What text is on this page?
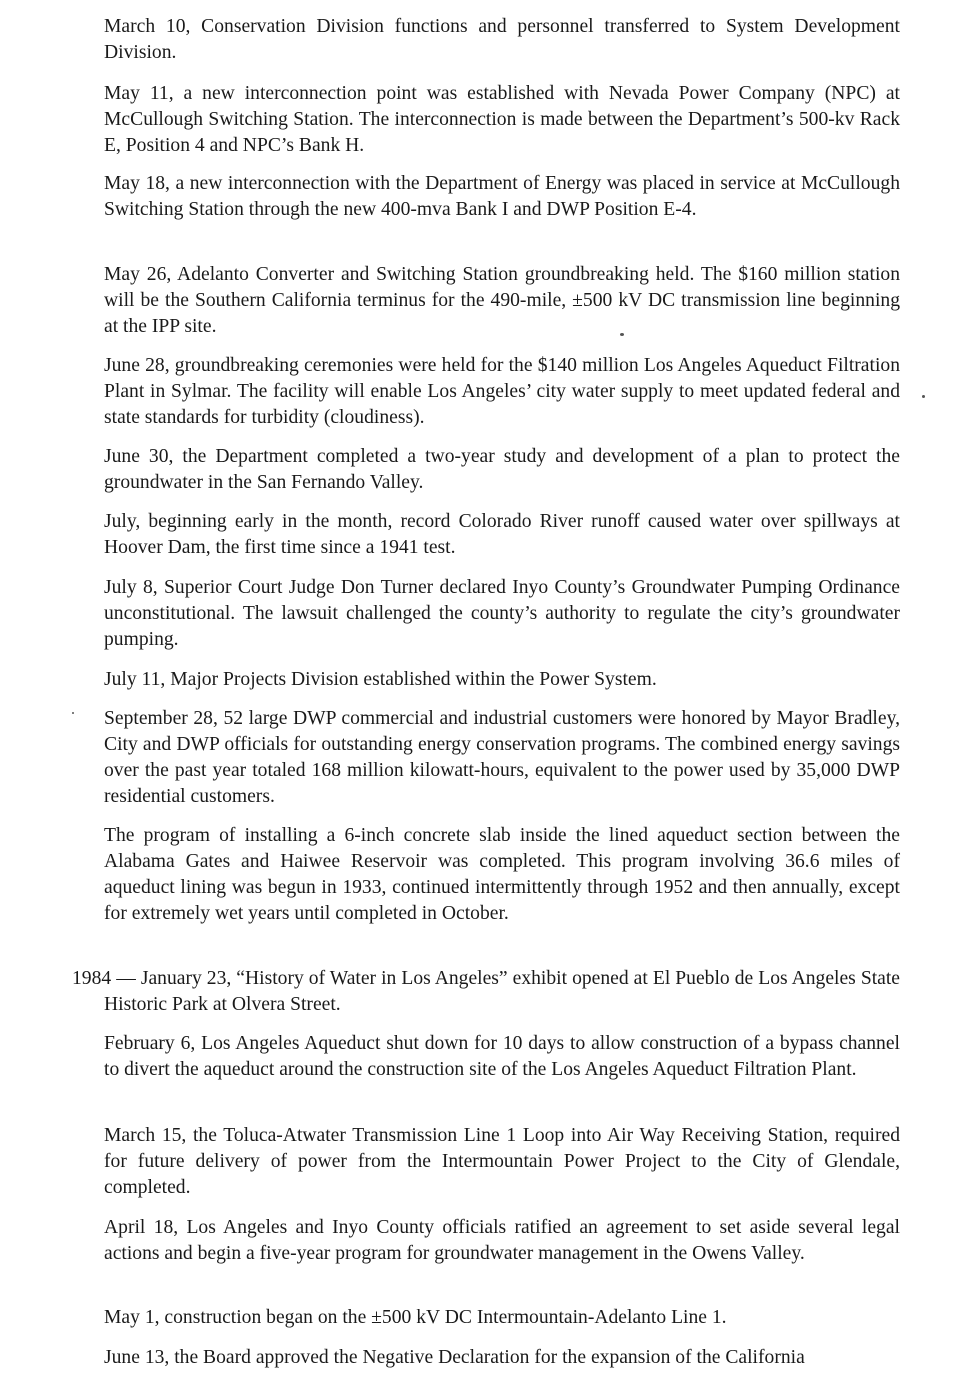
March 10, Conservation Division functions and personnel transferred to System Development Division.

May 11, a new interconnection point was established with Nevada Power Company (NPC) at McCullough Switching Station. The interconnection is made between the Department’s 500-kv Rack E, Position 4 and NPC’s Bank H.

May 18, a new interconnection with the Department of Energy was placed in service at McCullough Switching Station through the new 400-mva Bank I and DWP Position E-4.

May 26, Adelanto Converter and Switching Station groundbreaking held. The $160 million station will be the Southern California terminus for the 490-mile, ±500 kV DC transmission line beginning at the IPP site.

June 28, groundbreaking ceremonies were held for the $140 million Los Angeles Aqueduct Filtration Plant in Sylmar. The facility will enable Los Angeles’ city water supply to meet updated federal and state standards for turbidity (cloudiness).

June 30, the Department completed a two-year study and development of a plan to protect the groundwater in the San Fernando Valley.

July, beginning early in the month, record Colorado River runoff caused water over spillways at Hoover Dam, the first time since a 1941 test.

July 8, Superior Court Judge Don Turner declared Inyo County’s Groundwater Pumping Ordinance unconstitutional. The lawsuit challenged the county’s authority to regulate the city’s groundwater pumping.

July 11, Major Projects Division established within the Power System.

September 28, 52 large DWP commercial and industrial customers were honored by Mayor Bradley, City and DWP officials for outstanding energy conservation programs. The combined energy savings over the past year totaled 168 million kilowatt-hours, equivalent to the power used by 35,000 DWP residential customers.

The program of installing a 6-inch concrete slab inside the lined aqueduct section between the Alabama Gates and Haiwee Reservoir was completed. This program involving 36.6 miles of aqueduct lining was begun in 1933, continued intermittently through 1952 and then annually, except for extremely wet years until completed in October.

1984 — January 23, “History of Water in Los Angeles” exhibit opened at El Pueblo de Los Angeles State Historic Park at Olvera Street.

February 6, Los Angeles Aqueduct shut down for 10 days to allow construction of a bypass channel to divert the aqueduct around the construction site of the Los Angeles Aqueduct Filtration Plant.

March 15, the Toluca-Atwater Transmission Line 1 Loop into Air Way Receiving Station, required for future delivery of power from the Intermountain Power Project to the City of Glendale, completed.

April 18, Los Angeles and Inyo County officials ratified an agreement to set aside several legal actions and begin a five-year program for groundwater management in the Owens Valley.

May 1, construction began on the ±500 kV DC Intermountain-Adelanto Line 1.

June 13, the Board approved the Negative Declaration for the expansion of the California
